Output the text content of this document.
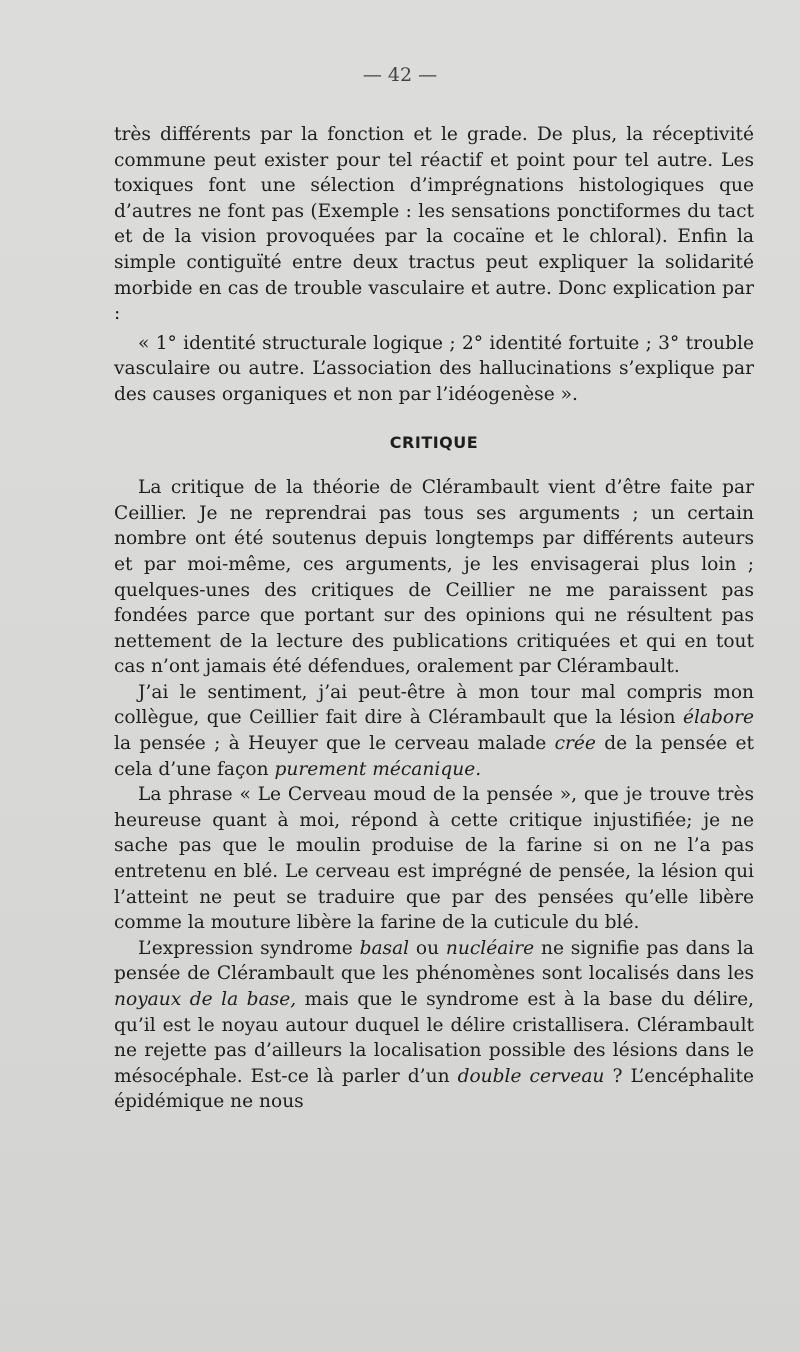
— 42 —

très différents par la fonction et le grade. De plus, la réceptivité commune peut exister pour tel réactif et point pour tel autre. Les toxiques font une sélection d’imprégnations histologiques que d’autres ne font pas (Exemple : les sensations ponctiformes du tact et de la vision provoquées par la cocaïne et le chloral). Enfin la simple contiguïté entre deux tractus peut expliquer la solidarité morbide en cas de trouble vasculaire et autre. Donc explication par :

« 1° identité structurale logique ; 2° identité fortuite ; 3° trouble vasculaire ou autre. L’association des hallucinations s’explique par des causes organiques et non par l’idéogenèse ».

CRITIQUE

La critique de la théorie de Clérambault vient d’être faite par Ceillier. Je ne reprendrai pas tous ses arguments ; un certain nombre ont été soutenus depuis longtemps par différents auteurs et par moi-même, ces arguments, je les envisagerai plus loin ; quelques-unes des critiques de Ceillier ne me paraissent pas fondées parce que portant sur des opinions qui ne résultent pas nettement de la lecture des publications critiquées et qui en tout cas n’ont jamais été défendues, oralement par Clérambault.

J’ai le sentiment, j’ai peut-être à mon tour mal compris mon collègue, que Ceillier fait dire à Clérambault que la lésion élabore la pensée ; à Heuyer que le cerveau malade crée de la pensée et cela d’une façon purement mécanique.

La phrase « Le Cerveau moud de la pensée », que je trouve très heureuse quant à moi, répond à cette critique injustifiée; je ne sache pas que le moulin produise de la farine si on ne l’a pas entretenu en blé. Le cerveau est imprégné de pensée, la lésion qui l’atteint ne peut se traduire que par des pensées qu’elle libère comme la mouture libère la farine de la cuticule du blé.

L’expression syndrome basal ou nucléaire ne signifie pas dans la pensée de Clérambault que les phénomènes sont localisés dans les noyaux de la base, mais que le syndrome est à la base du délire, qu’il est le noyau autour duquel le délire cristallisera. Clérambault ne rejette pas d’ailleurs la localisation possible des lésions dans le mésocéphale. Est-ce là parler d’un double cerveau ? L’encéphalite épidémique ne nous
